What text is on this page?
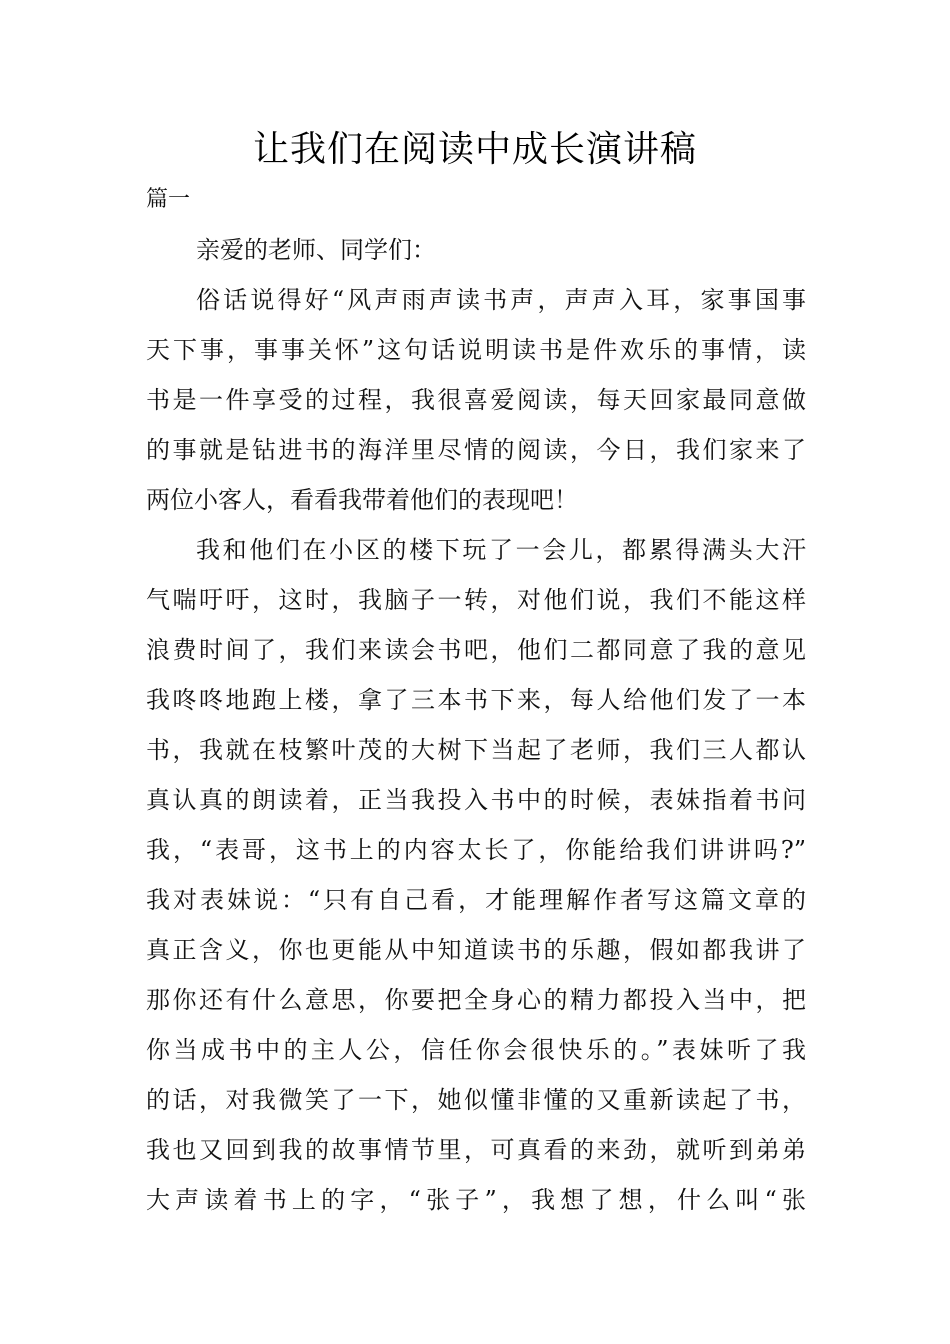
让我们在阅读中成长演讲稿
篇一
亲爱的老师、同学们：
俗话说得好“风声雨声读书声，声声入耳，家事国事
天下事，事事关怀”这句话说明读书是件欢乐的事情，读
书是一件享受的过程，我很喜爱阅读，每天回家最同意做
的事就是钻进书的海洋里尽情的阅读，今日，我们家来了
两位小客人，看看我带着他们的表现吧！
我和他们在小区的楼下玩了一会儿，都累得满头大汗
气喘吁吁，这时，我脑子一转，对他们说，我们不能这样
浪费时间了，我们来读会书吧，他们二都同意了我的意见
我咚咚地跑上楼，拿了三本书下来，每人给他们发了一本
书，我就在枝繁叶茂的大树下当起了老师，我们三人都认
真认真的朗读着，正当我投入书中的时候，表妹指着书问
我，“表哥，这书上的内容太长了，你能给我们讲讲吗?”
我对表妹说：“只有自己看，才能理解作者写这篇文章的
真正含义，你也更能从中知道读书的乐趣，假如都我讲了
那你还有什么意思，你要把全身心的精力都投入当中，把
你当成书中的主人公，信任你会很快乐的。”表妹听了我
的话，对我微笑了一下，她似懂非懂的又重新读起了书，
我也又回到我的故事情节里，可真看的来劲，就听到弟弟
大声读着书上的字，“张子”，我想了想，什么叫“张
